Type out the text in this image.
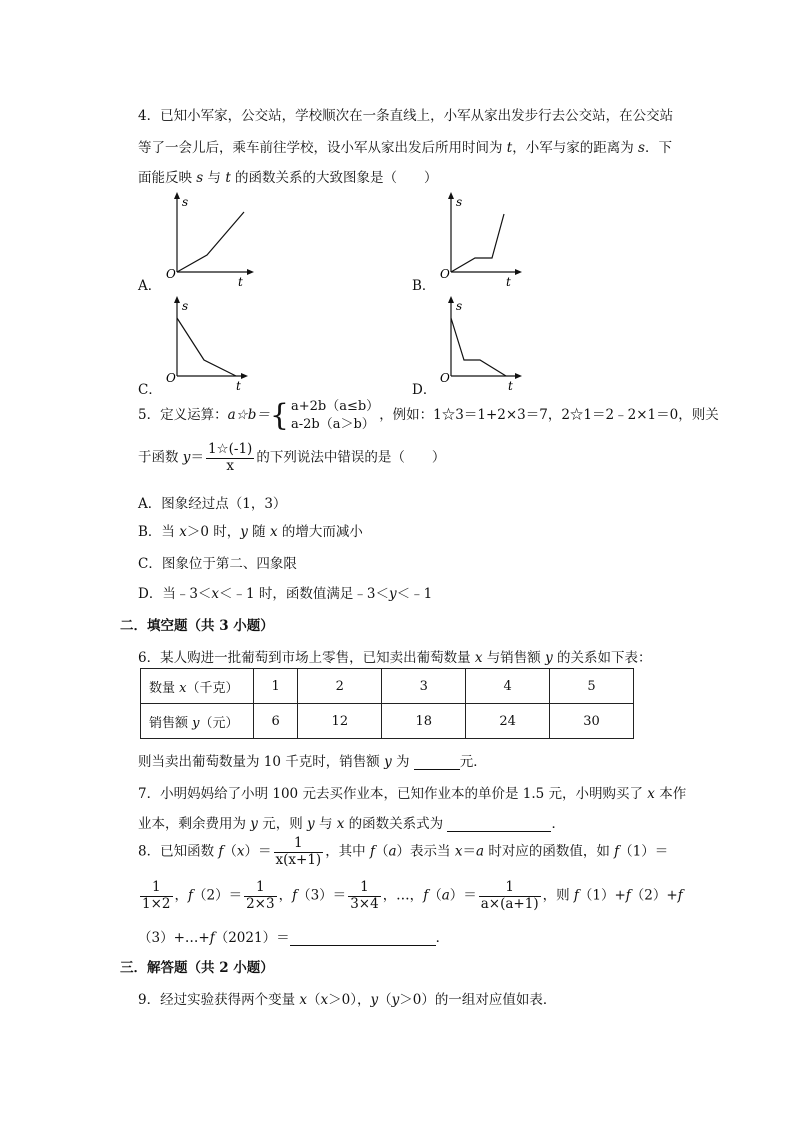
4．已知小军家，公交站，学校顺次在一条直线上，小军从家出发步行去公交站，在公交站
等了一会儿后，乘车前往学校，设小军从家出发后所用时间为 t，小军与家的距离为 s．下
面能反映 s 与 t 的函数关系的大致图象是（　　）
A．
s
O
t	B．
s
O
t
C．
s
O
t	D．
s
O
t
5．定义运算：a☆b＝{ a+2b（a≤b）
a-2b（a＞b）
，例如：1☆3＝1+2×3＝7，2☆1＝2﹣2×1＝0，则关
于函数 $y= \frac{1☆(-1)}{x}$ 的下列说法中错误的是（　　）
A．图象经过点（1，3）
B．当 x＞0 时，y 随 x 的增大而减小
C．图象位于第二、四象限
D．当﹣3＜x＜﹣1 时，函数值满足﹣3＜y＜﹣1
二．填空题（共 3 小题）
6．某人购进一批葡萄到市场上零售，已知卖出葡萄数量 x 与销售额 y 的关系如下表：
数量 x（千克）	1	2	3	4	5
销售额 y（元）	6	12	18	24	30
则当卖出葡萄数量为 10 千克时，销售额 y 为	元．
7．小明妈妈给了小明 100 元去买作业本，已知作业本的单价是 1.5 元，小明购买了 x 本作
业本，剩余费用为 y 元，则 y 与 x 的函数关系式为	．
8．已知函数 $f(x)= \frac{1}{x(x+1)}$ ，其中 f（a）表示当 x＝a 时对应的函数值，如 f（1）＝
$\frac{1}{1\times 2}$ ，$f(2)= \frac{1}{2\times 3}$ ，$f(3)= \frac{1}{3\times 4}$ ，…，$f(a)= \frac{1}{a\times(a+1)}$ ，则 f（1）+f（2）+f
（3）+…+f（2021）＝	．
三．解答题（共 2 小题）
9．经过实验获得两个变量 x（x＞0），y（y＞0）的一组对应值如表．
